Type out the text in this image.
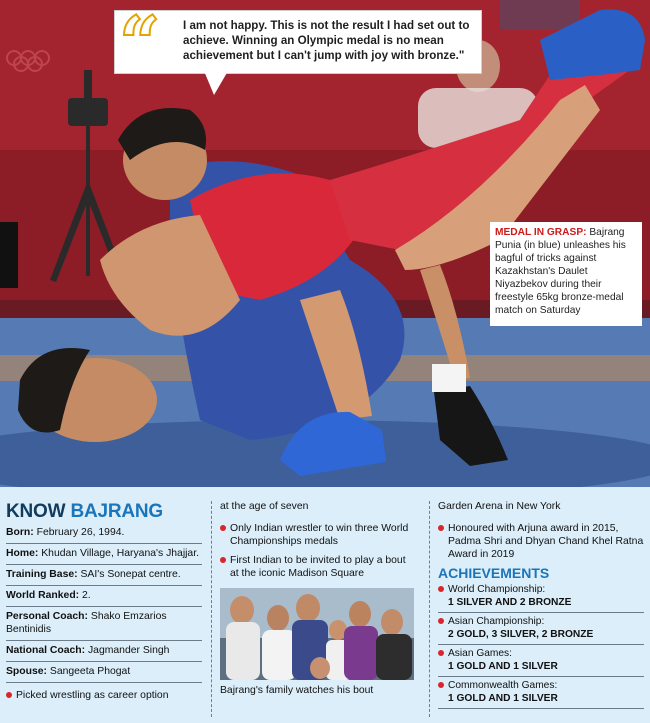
“ I am not happy. This is not the result I had set out to achieve. Winning an Olympic medal is no mean achievement but I can't jump with joy with bronze."
MEDAL IN GRASP: Bajrang Punia (in blue) unleashes his bagful of tricks against Kazakhstan's Daulet Niyazbekov during their freestyle 65kg bronze-medal match on Saturday
KNOW BAJRANG
Born: February 26, 1994.
Home: Khudan Village, Haryana's Jhajjar.
Training Base: SAI's Sonepat centre.
World Ranked: 2.
Personal Coach: Shako Emzarios Bentinidis
National Coach: Jagmander Singh
Spouse: Sangeeta Phogat
Picked wrestling as career option
at the age of seven
Only Indian wrestler to win three World Championships medals
First Indian to be invited to play a bout at the iconic Madison Square
Bajrang's family watches his bout
Garden Arena in New York
Honoured with Arjuna award in 2015, Padma Shri and Dhyan Chand Khel Ratna Award in 2019
ACHIEVEMENTS
World Championship:
1 SILVER AND 2 BRONZE
Asian Championship:
2 GOLD, 3 SILVER, 2 BRONZE
Asian Games:
1 GOLD AND 1 SILVER
Commonwealth Games:
1 GOLD AND 1 SILVER
